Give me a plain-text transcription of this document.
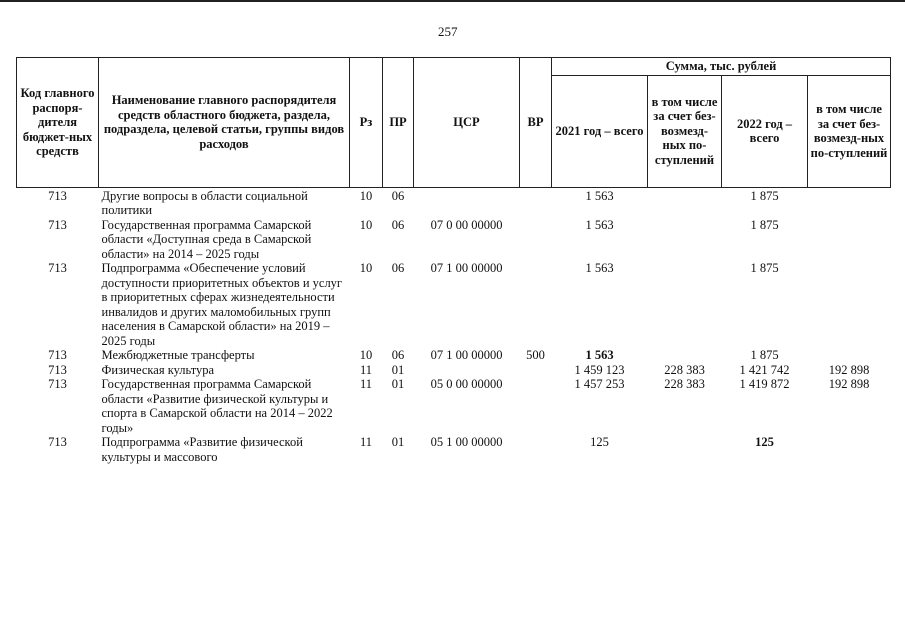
257
Код главного распоря-дителя бюджет-ных средств	Наименование главного распорядителя средств областного бюджета, раздела, подраздела, целевой статьи, группы видов расходов	Рз	ПР	ЦСР	ВР	Сумма, тыс. рублей			
						2021 год – всего	в том числе за счет без-возмезд-ных по-ступлений	2022 год – всего	в том числе за счет без-возмезд-ных по-ступлений
713	Другие вопросы в области социальной политики	10	06			1 563		1 875	
713	Государственная программа Самарской области «Доступная среда в Самарской области» на 2014 – 2025 годы	10	06	07 0 00 00000		1 563		1 875	
713	Подпрограмма «Обеспечение условий доступности приоритетных объектов и услуг в приоритетных сферах жизнедеятельности инвалидов и других маломобильных групп населения в Самарской области» на 2019 – 2025 годы	10	06	07 1 00 00000		1 563		1 875	
713	Межбюджетные трансферты	10	06	07 1 00 00000	500	1 563		1 875	
713	Физическая культура	11	01			1 459 123	228 383	1 421 742	192 898
713	Государственная программа Самарской области «Развитие физической культуры и спорта в Самарской области на 2014 – 2022 годы»	11	01	05 0 00 00000		1 457 253	228 383	1 419 872	192 898
713	Подпрограмма «Развитие физической культуры и массового	11	01	05 1 00 00000		125		125	
